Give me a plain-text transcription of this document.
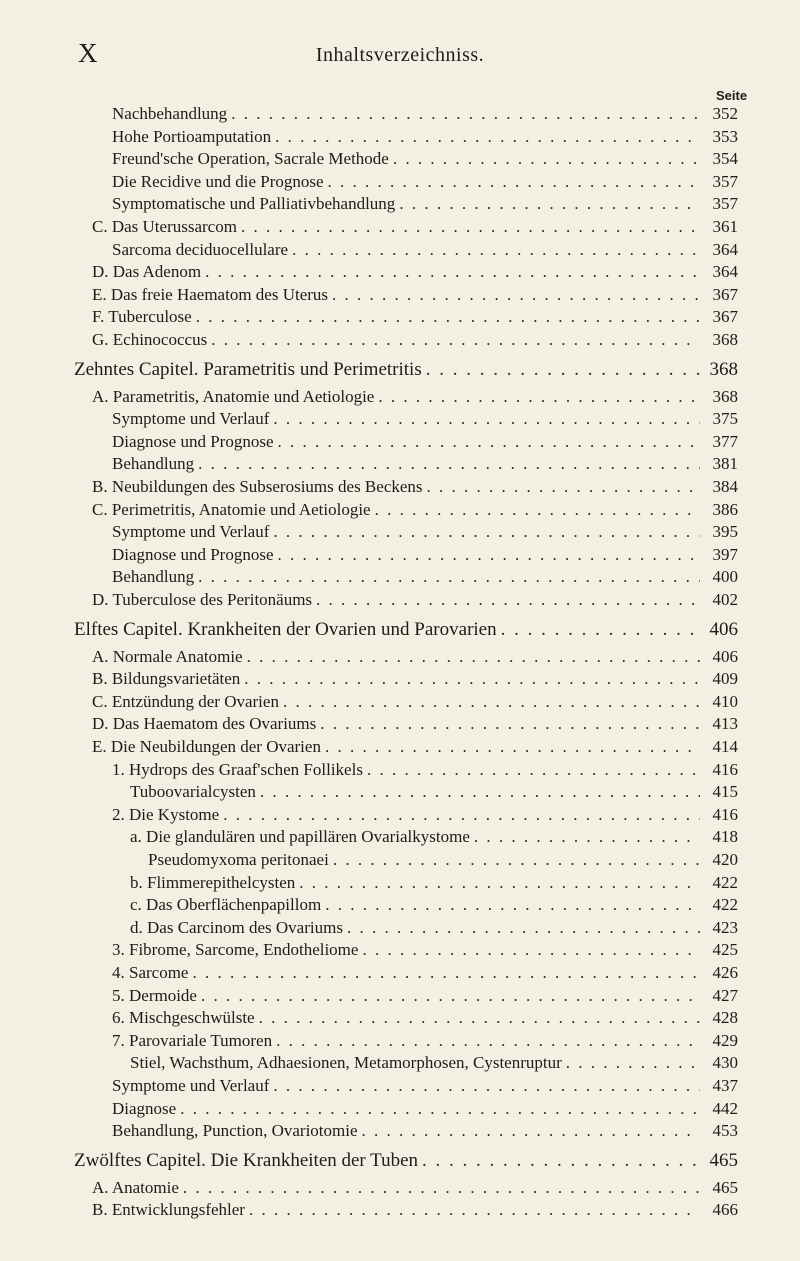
X	Inhaltsverzeichniss.
Seite
Nachbehandlung . . .	352
Hohe Portioamputation . . .	353
Freund'sche Operation, Sacrale Methode . . .	354
Die Recidive und die Prognose . . .	357
Symptomatische und Palliativbehandlung . . .	357
C. Das Uterussarcom . . .	361
Sarcoma deciduocellulare . . .	364
D. Das Adenom . . .	364
E. Das freie Haematom des Uterus . . .	367
F. Tuberculose . . .	367
G. Echinococcus . . .	368
Zehntes Capitel. Parametritis und Perimetritis . . .	368
A. Parametritis, Anatomie und Aetiologie . . .	368
Symptome und Verlauf . . .	375
Diagnose und Prognose . . .	377
Behandlung . . .	381
B. Neubildungen des Subserosiums des Beckens . . .	384
C. Perimetritis, Anatomie und Aetiologie . . .	386
Symptome und Verlauf . . .	395
Diagnose und Prognose . . .	397
Behandlung . . .	400
D. Tuberculose des Peritonäums . . .	402
Elftes Capitel. Krankheiten der Ovarien und Parovarien . . .	406
A. Normale Anatomie . . .	406
B. Bildungsvarietäten . . .	409
C. Entzündung der Ovarien . . .	410
D. Das Haematom des Ovariums . . .	413
E. Die Neubildungen der Ovarien . . .	414
1. Hydrops des Graaf'schen Follikels . . .	416
Tuboovarialcysten . . .	415
2. Die Kystome . . .	416
a. Die glandulären und papillären Ovarialkystome . . .	418
Pseudomyxoma peritonaei . . .	420
b. Flimmerepithelcysten . . .	422
c. Das Oberflächenpapillom . . .	422
d. Das Carcinom des Ovariums . . .	423
3. Fibrome, Sarcome, Endotheliome . . .	425
4. Sarcome . . .	426
5. Dermoide . . .	427
6. Mischgeschwülste . . .	428
7. Parovariale Tumoren . . .	429
Stiel, Wachsthum, Adhaesionen, Metamorphosen, Cystenruptur . . .	430
Symptome und Verlauf . . .	437
Diagnose . . .	442
Behandlung, Punction, Ovariotomie . . .	453
Zwölftes Capitel. Die Krankheiten der Tuben . . .	465
A. Anatomie . . .	465
B. Entwicklungsfehler . . .	466
